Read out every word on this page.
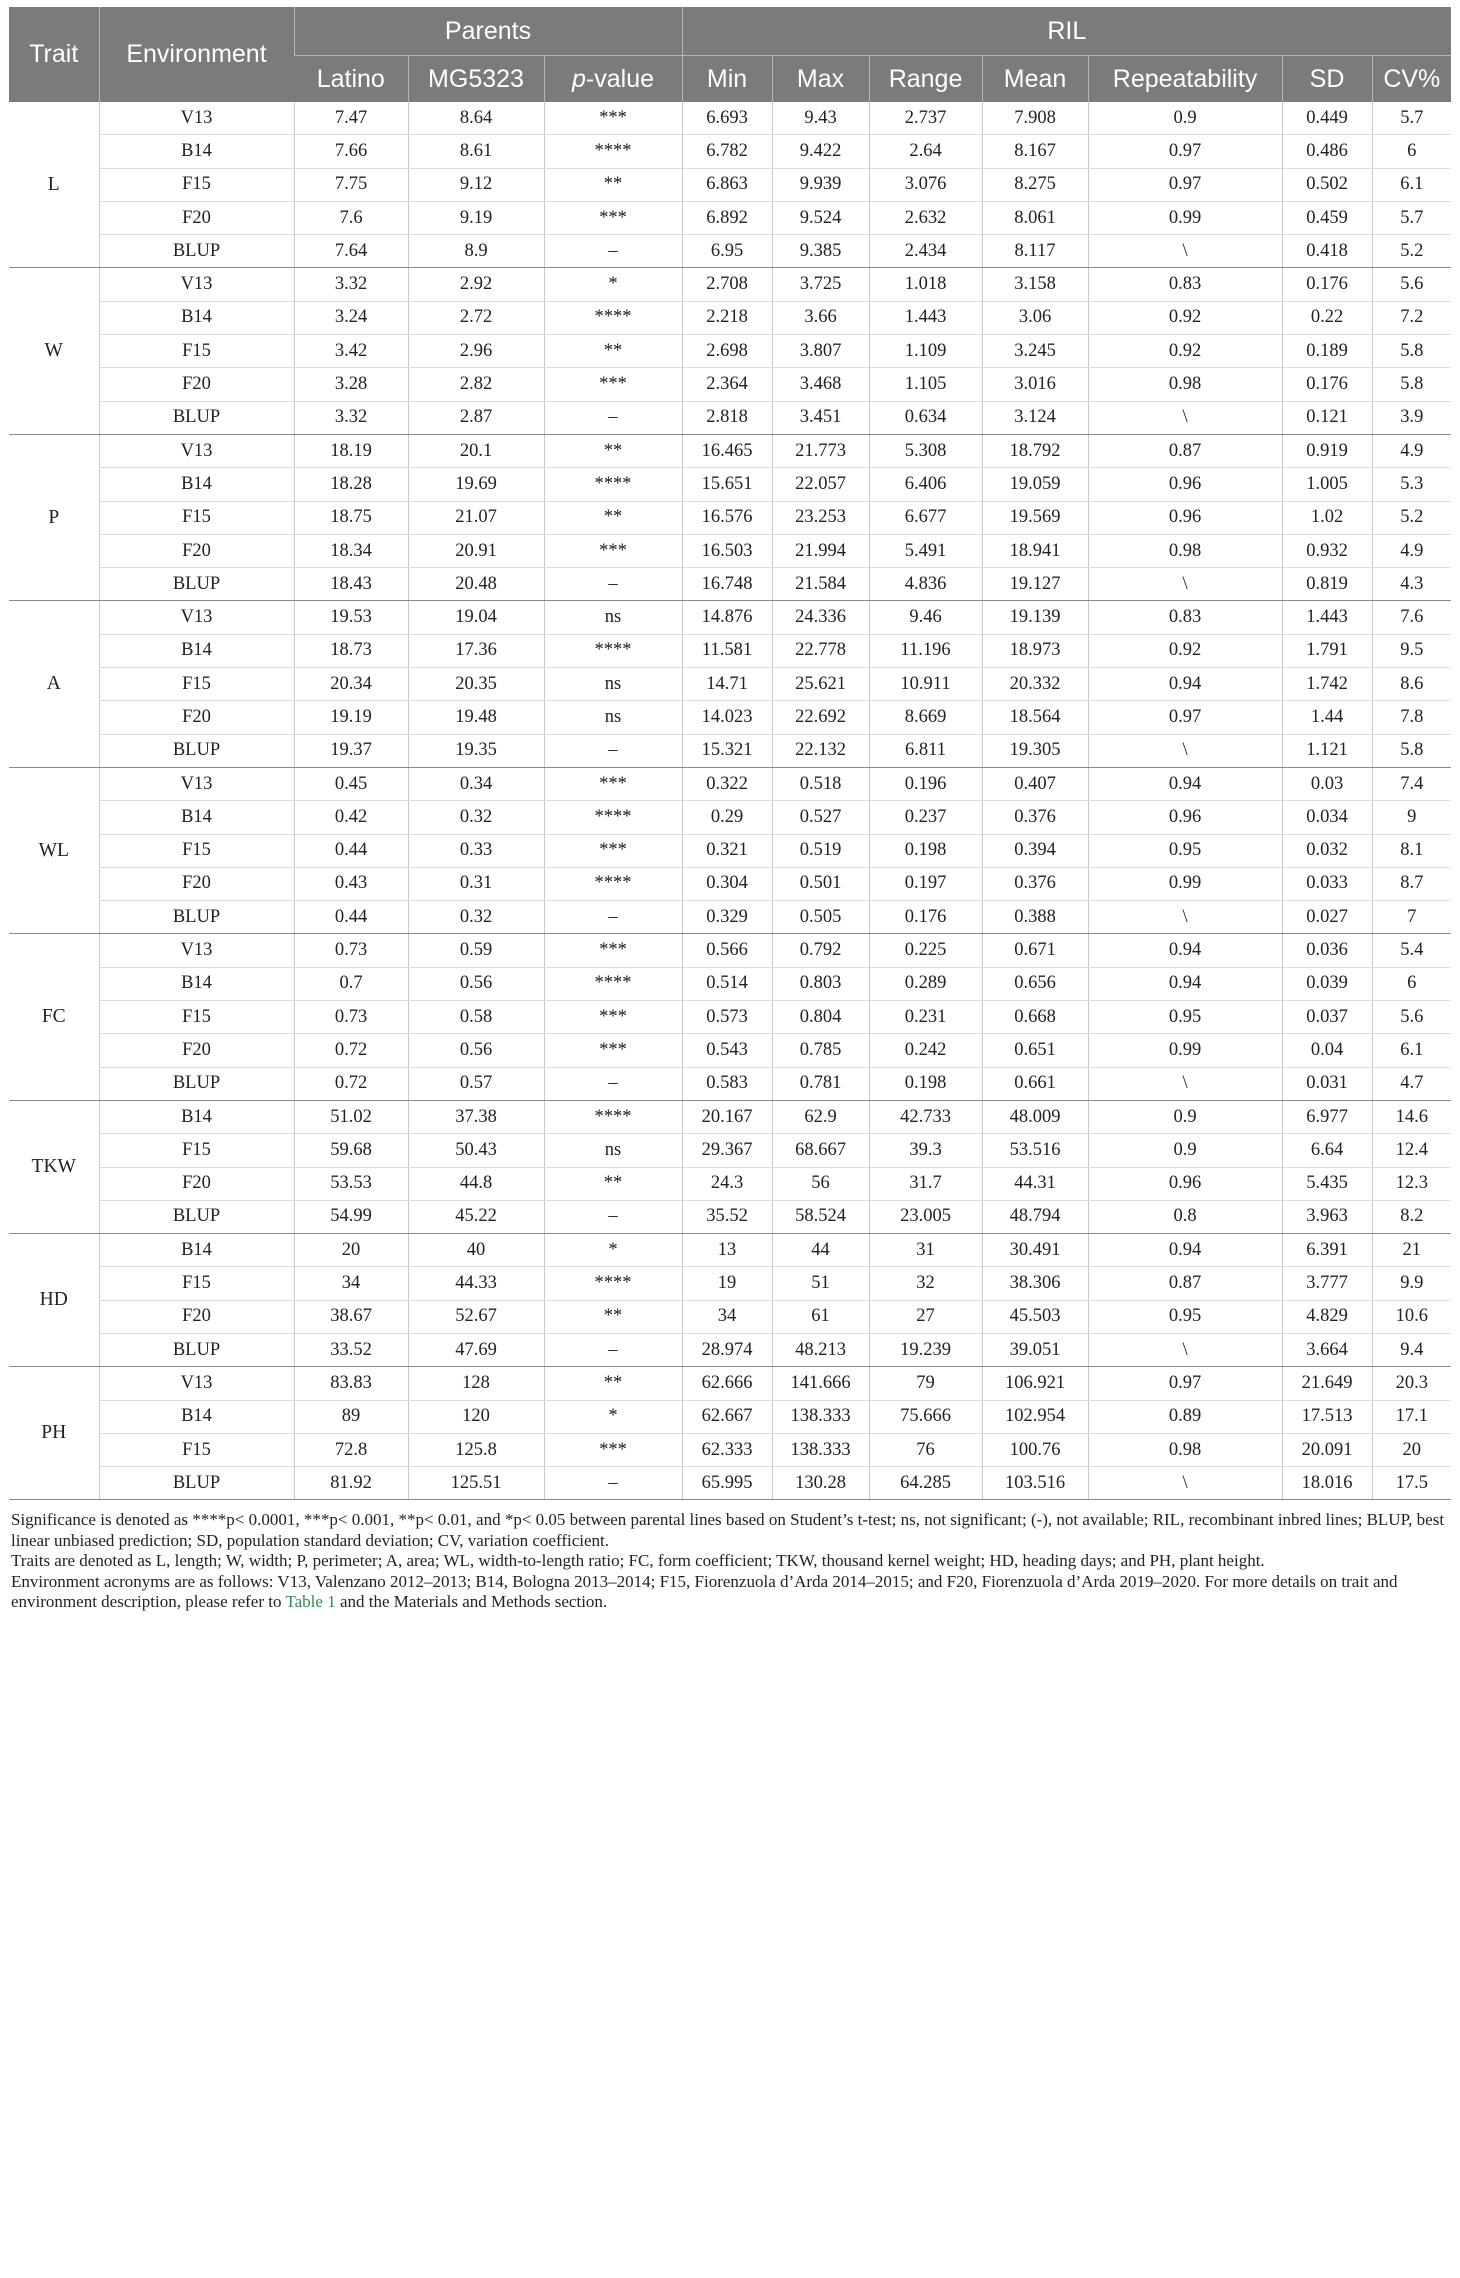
Trait	Environment	Parents			RIL						
		Latino	MG5323	p-value	Min	Max	Range	Mean	Repeatability	SD	CV%
L	V13	7.47	8.64	***	6.693	9.43	2.737	7.908	0.9	0.449	5.7
	B14	7.66	8.61	****	6.782	9.422	2.64	8.167	0.97	0.486	6
	F15	7.75	9.12	**	6.863	9.939	3.076	8.275	0.97	0.502	6.1
	F20	7.6	9.19	***	6.892	9.524	2.632	8.061	0.99	0.459	5.7
	BLUP	7.64	8.9	–	6.95	9.385	2.434	8.117	\	0.418	5.2
W	V13	3.32	2.92	*	2.708	3.725	1.018	3.158	0.83	0.176	5.6
	B14	3.24	2.72	****	2.218	3.66	1.443	3.06	0.92	0.22	7.2
	F15	3.42	2.96	**	2.698	3.807	1.109	3.245	0.92	0.189	5.8
	F20	3.28	2.82	***	2.364	3.468	1.105	3.016	0.98	0.176	5.8
	BLUP	3.32	2.87	–	2.818	3.451	0.634	3.124	\	0.121	3.9
P	V13	18.19	20.1	**	16.465	21.773	5.308	18.792	0.87	0.919	4.9
	B14	18.28	19.69	****	15.651	22.057	6.406	19.059	0.96	1.005	5.3
	F15	18.75	21.07	**	16.576	23.253	6.677	19.569	0.96	1.02	5.2
	F20	18.34	20.91	***	16.503	21.994	5.491	18.941	0.98	0.932	4.9
	BLUP	18.43	20.48	–	16.748	21.584	4.836	19.127	\	0.819	4.3
A	V13	19.53	19.04	ns	14.876	24.336	9.46	19.139	0.83	1.443	7.6
	B14	18.73	17.36	****	11.581	22.778	11.196	18.973	0.92	1.791	9.5
	F15	20.34	20.35	ns	14.71	25.621	10.911	20.332	0.94	1.742	8.6
	F20	19.19	19.48	ns	14.023	22.692	8.669	18.564	0.97	1.44	7.8
	BLUP	19.37	19.35	–	15.321	22.132	6.811	19.305	\	1.121	5.8
WL	V13	0.45	0.34	***	0.322	0.518	0.196	0.407	0.94	0.03	7.4
	B14	0.42	0.32	****	0.29	0.527	0.237	0.376	0.96	0.034	9
	F15	0.44	0.33	***	0.321	0.519	0.198	0.394	0.95	0.032	8.1
	F20	0.43	0.31	****	0.304	0.501	0.197	0.376	0.99	0.033	8.7
	BLUP	0.44	0.32	–	0.329	0.505	0.176	0.388	\	0.027	7
FC	V13	0.73	0.59	***	0.566	0.792	0.225	0.671	0.94	0.036	5.4
	B14	0.7	0.56	****	0.514	0.803	0.289	0.656	0.94	0.039	6
	F15	0.73	0.58	***	0.573	0.804	0.231	0.668	0.95	0.037	5.6
	F20	0.72	0.56	***	0.543	0.785	0.242	0.651	0.99	0.04	6.1
	BLUP	0.72	0.57	–	0.583	0.781	0.198	0.661	\	0.031	4.7
TKW	B14	51.02	37.38	****	20.167	62.9	42.733	48.009	0.9	6.977	14.6
	F15	59.68	50.43	ns	29.367	68.667	39.3	53.516	0.9	6.64	12.4
	F20	53.53	44.8	**	24.3	56	31.7	44.31	0.96	5.435	12.3
	BLUP	54.99	45.22	–	35.52	58.524	23.005	48.794	0.8	3.963	8.2
HD	B14	20	40	*	13	44	31	30.491	0.94	6.391	21
	F15	34	44.33	****	19	51	32	38.306	0.87	3.777	9.9
	F20	38.67	52.67	**	34	61	27	45.503	0.95	4.829	10.6
	BLUP	33.52	47.69	–	28.974	48.213	19.239	39.051	\	3.664	9.4
PH	V13	83.83	128	**	62.666	141.666	79	106.921	0.97	21.649	20.3
	B14	89	120	*	62.667	138.333	75.666	102.954	0.89	17.513	17.1
	F15	72.8	125.8	***	62.333	138.333	76	100.76	0.98	20.091	20
	BLUP	81.92	125.51	–	65.995	130.28	64.285	103.516	\	18.016	17.5

Significance is denoted as ****p< 0.0001, ***p< 0.001, **p< 0.01, and *p< 0.05 between parental lines based on Student’s t-test; ns, not significant; (-), not available; RIL, recombinant inbred lines; BLUP, best linear unbiased prediction; SD, population standard deviation; CV, variation coefficient.

Traits are denoted as L, length; W, width; P, perimeter; A, area; WL, width-to-length ratio; FC, form coefficient; TKW, thousand kernel weight; HD, heading days; and PH, plant height.

Environment acronyms are as follows: V13, Valenzano 2012–2013; B14, Bologna 2013–2014; F15, Fiorenzuola d’Arda 2014–2015; and F20, Fiorenzuola d’Arda 2019–2020. For more details on trait and environment description, please refer to Table 1 and the Materials and Methods section.
